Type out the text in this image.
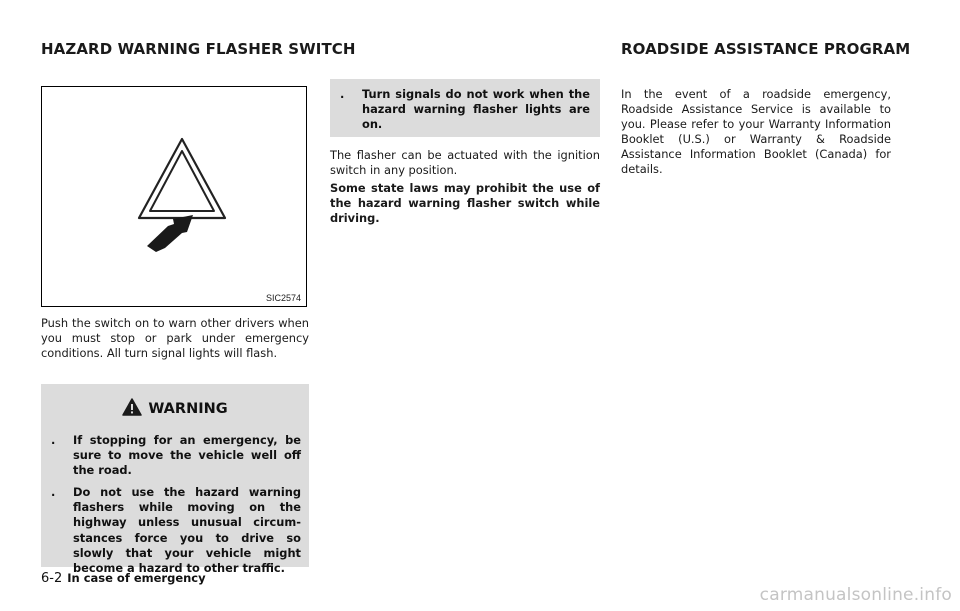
HAZARD WARNING FLASHER SWITCH	ROADSIDE ASSISTANCE PROGRAM
SIC2574

Push the switch on to warn other drivers when you must stop or park under emergency conditions. All turn signal lights will flash.

WARNING
. If stopping for an emergency, be sure to move the vehicle well off the road.
. Do not use the hazard warning flashers while moving on the highway unless unusual circum-stances force you to drive so slowly that your vehicle might become a hazard to other traffic.
. Turn signals do not work when the hazard warning flasher lights are on.

The flasher can be actuated with the ignition switch in any position.

Some state laws may prohibit the use of the hazard warning flasher switch while driving.

In the event of a roadside emergency, Roadside Assistance Service is available to you. Please refer to your Warranty Information Booklet (U.S.) or Warranty & Roadside Assistance Information Booklet (Canada) for details.

6-2 In case of emergency
carmanualsonline.info
